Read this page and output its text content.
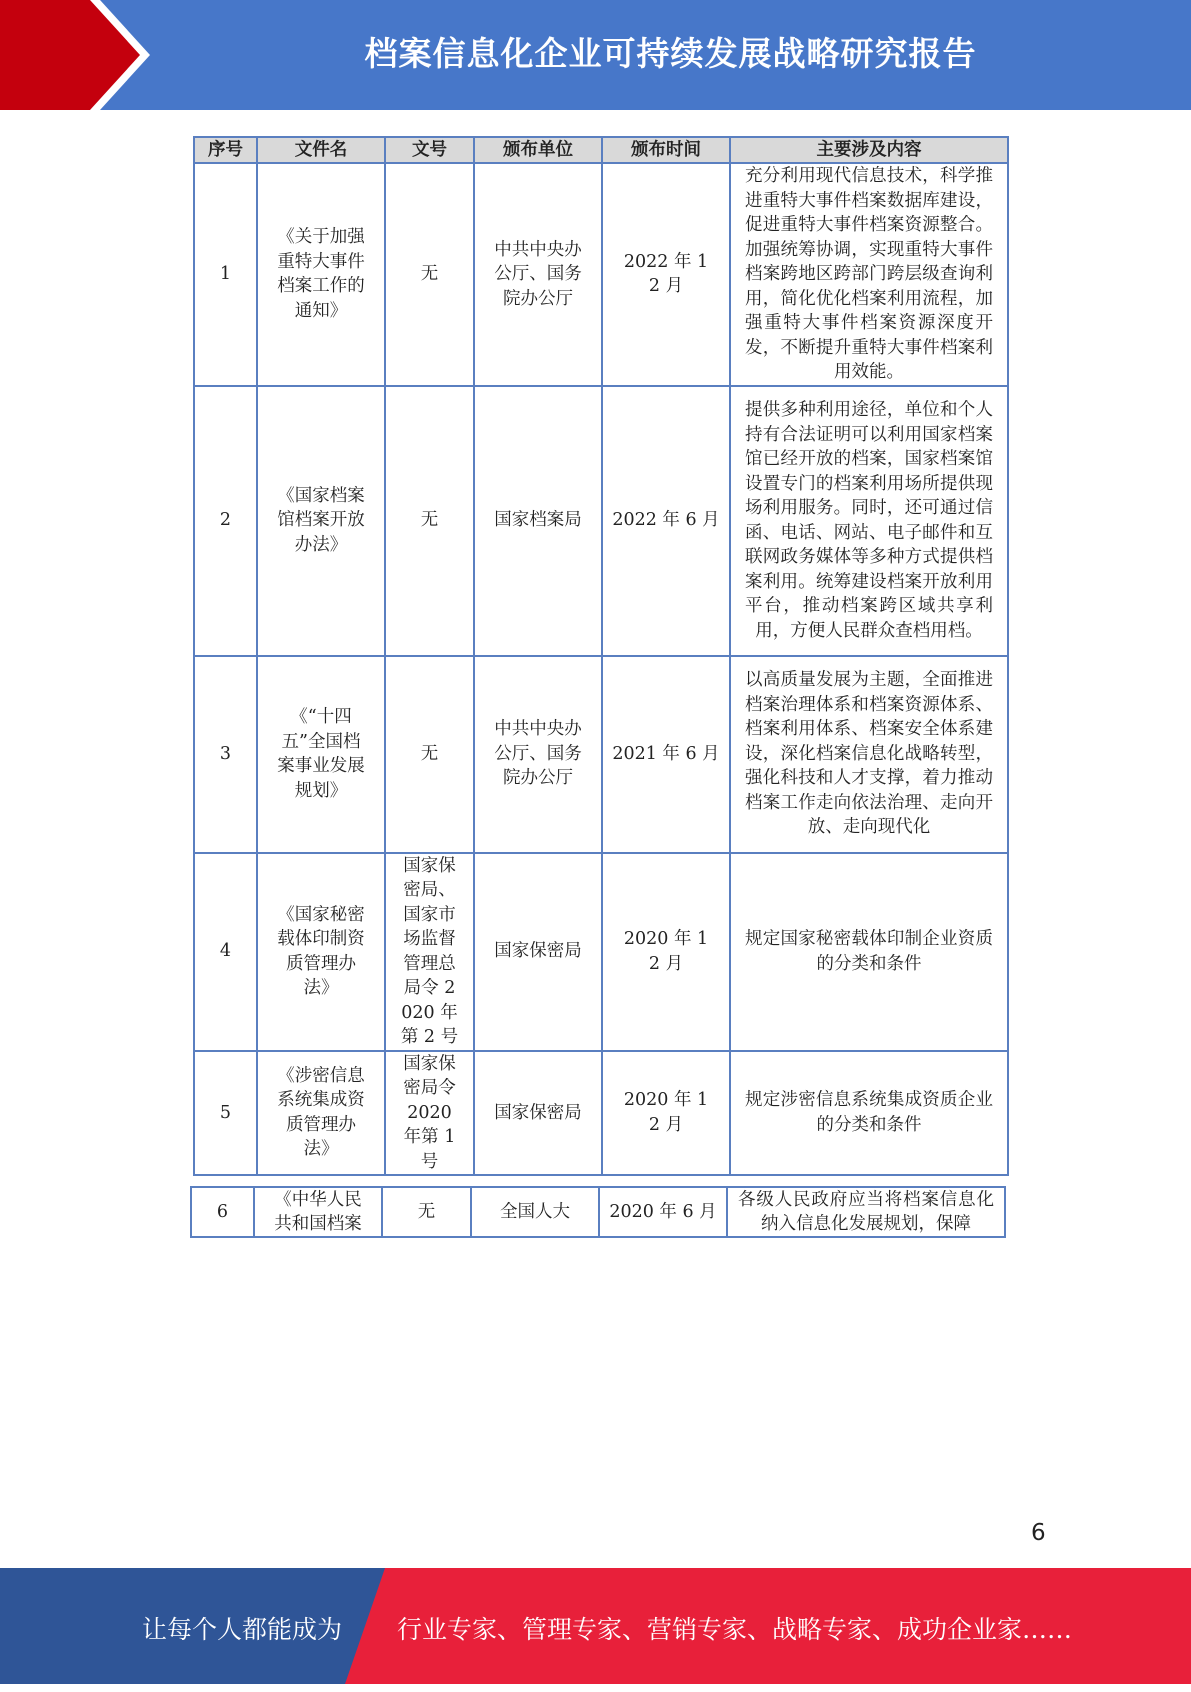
档案信息化企业可持续发展战略研究报告
序号	文件名	文号	颁布单位	颁布时间	主要涉及内容
1	《关于加强重特大事件档案工作的通知》	无	中共中央办公厅、国务院办公厅	2022 年 12 月	充分利用现代信息技术，科学推进重特大事件档案数据库建设，促进重特大事件档案资源整合。加强统筹协调，实现重特大事件档案跨地区跨部门跨层级查询利用，简化优化档案利用流程，加强重特大事件档案资源深度开发，不断提升重特大事件档案利用效能。
2	《国家档案馆档案开放办法》	无	国家档案局	2022 年 6 月	提供多种利用途径，单位和个人持有合法证明可以利用国家档案馆已经开放的档案，国家档案馆设置专门的档案利用场所提供现场利用服务。同时，还可通过信函、电话、网站、电子邮件和互联网政务媒体等多种方式提供档案利用。统筹建设档案开放利用平台，推动档案跨区域共享利用，方便人民群众查档用档。
3	《“十四五”全国档案事业发展规划》	无	中共中央办公厅、国务院办公厅	2021 年 6 月	以高质量发展为主题，全面推进档案治理体系和档案资源体系、档案利用体系、档案安全体系建设，深化档案信息化战略转型，强化科技和人才支撑，着力推动档案工作走向依法治理、走向开放、走向现代化
4	《国家秘密载体印制资质管理办法》	国家保密局、国家市场监督管理总局令 2020 年第 2 号	国家保密局	2020 年 12 月	规定国家秘密载体印制企业资质的分类和条件
5	《涉密信息系统集成资质管理办法》	国家保密局令 2020 年第 1 号	国家保密局	2020 年 12 月	规定涉密信息系统集成资质企业的分类和条件
6	《中华人民共和国档案	无	全国人大	2020 年 6 月	各级人民政府应当将档案信息化纳入信息化发展规划，保障
6
让每个人都能成为 行业专家、管理专家、营销专家、战略专家、成功企业家……
